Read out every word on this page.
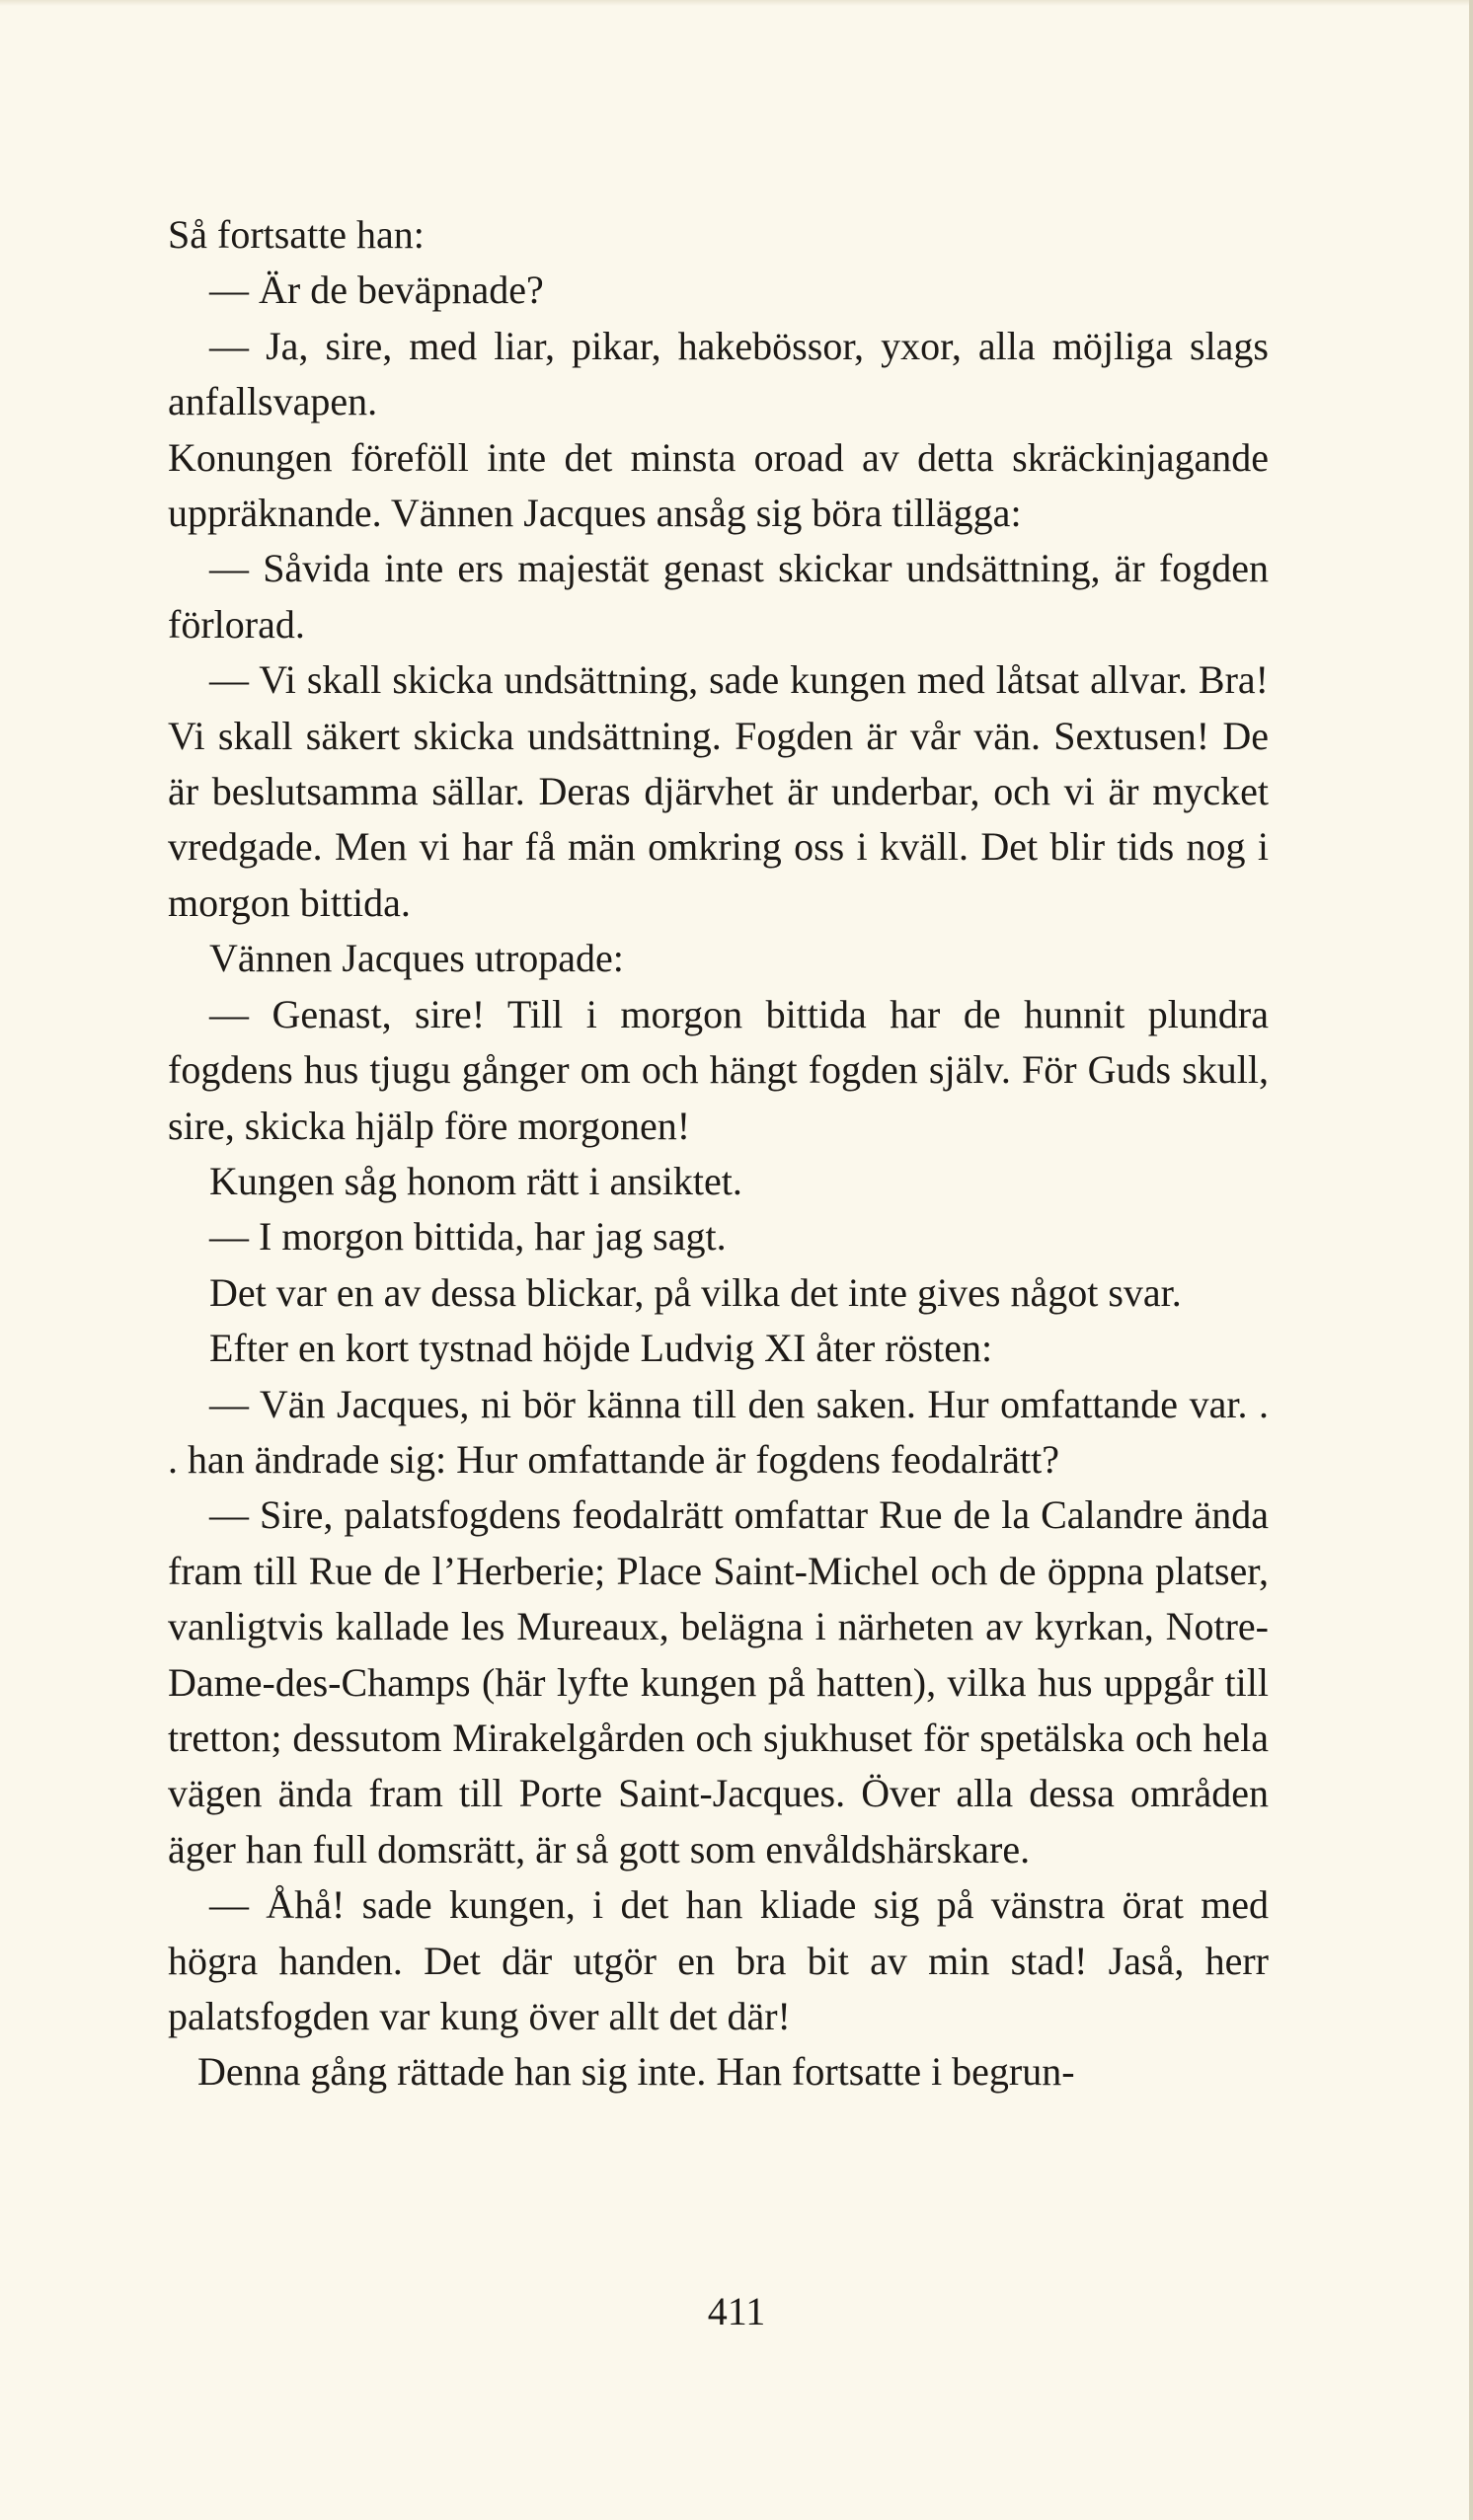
Så fortsatte han:

— Är de beväpnade?

— Ja, sire, med liar, pikar, hakebössor, yxor, alla möjliga slags anfallsvapen.

Konungen föreföll inte det minsta oroad av detta skräckinjagande uppräknande. Vännen Jacques ansåg sig böra tillägga:

— Såvida inte ers majestät genast skickar undsättning, är fogden förlorad.

— Vi skall skicka undsättning, sade kungen med låtsat allvar. Bra! Vi skall säkert skicka undsättning. Fogden är vår vän. Sextusen! De är beslutsamma sällar. Deras djärvhet är underbar, och vi är mycket vredgade. Men vi har få män omkring oss i kväll. Det blir tids nog i morgon bittida.

Vännen Jacques utropade:

— Genast, sire! Till i morgon bittida har de hunnit plundra fogdens hus tjugu gånger om och hängt fogden själv. För Guds skull, sire, skicka hjälp före morgonen!

Kungen såg honom rätt i ansiktet.

— I morgon bittida, har jag sagt.

Det var en av dessa blickar, på vilka det inte gives något svar.

Efter en kort tystnad höjde Ludvig XI åter rösten:

— Vän Jacques, ni bör känna till den saken. Hur omfattande var. . . han ändrade sig: Hur omfattande är fogdens feodalrätt?

— Sire, palatsfogdens feodalrätt omfattar Rue de la Calandre ända fram till Rue de l’Herberie; Place Saint-Michel och de öppna platser, vanligtvis kallade les Mureaux, belägna i närheten av kyrkan, Notre-Dame-des-Champs (här lyfte kungen på hatten), vilka hus uppgår till tretton; dessutom Mirakelgården och sjukhuset för spetälska och hela vägen ända fram till Porte Saint-Jacques. Över alla dessa områden äger han full domsrätt, är så gott som envåldshärskare.

— Åhå! sade kungen, i det han kliade sig på vänstra örat med högra handen. Det där utgör en bra bit av min stad! Jaså, herr palatsfogden var kung över allt det där!

Denna gång rättade han sig inte. Han fortsatte i begrun-

411
